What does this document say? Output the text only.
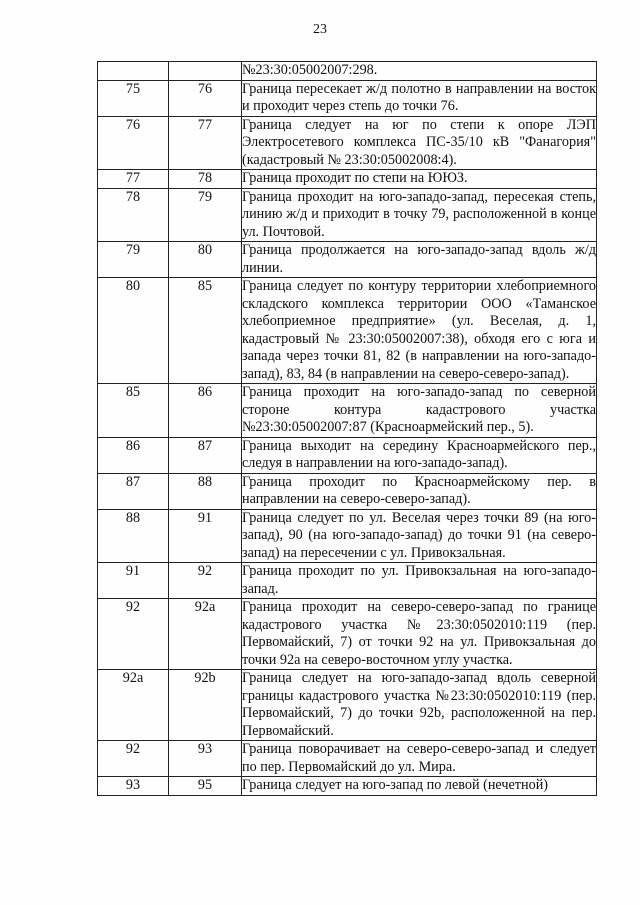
23
		№23:30:05002007:298.
75	76	Граница пересекает ж/д полотно в направлении на восток и проходит через степь до точки 76.
76	77	Граница следует на юг по степи к опоре ЛЭП Электросетевого комплекса ПС-35/10 кВ "Фанагория" (кадастровый № 23:30:05002008:4).
77	78	Граница проходит по степи на ЮЮЗ.
78	79	Граница проходит на юго-западо-запад, пересекая степь, линию ж/д и приходит в точку 79, расположенной в конце ул. Почтовой.
79	80	Граница продолжается на юго-западо-запад вдоль ж/д линии.
80	85	Граница следует по контуру территории хлебоприемного складского комплекса территории ООО «Таманское хлебоприемное предприятие» (ул. Веселая, д. 1, кадастровый № 23:30:05002007:38), обходя его с юга и запада через точки 81, 82 (в направлении на юго-западо-запад), 83, 84 (в направлении на северо-северо-запад).
85	86	Граница проходит на юго-западо-запад по северной стороне контура кадастрового участка №23:30:05002007:87 (Красноармейский пер., 5).
86	87	Граница выходит на середину Красноармейского пер., следуя в направлении на юго-западо-запад).
87	88	Граница проходит по Красноармейскому пер. в направлении на северо-северо-запад).
88	91	Граница следует по ул. Веселая через точки 89 (на юго-запад), 90 (на юго-западо-запад) до точки 91 (на северо-запад) на пересечении с ул. Привокзальная.
91	92	Граница проходит по ул. Привокзальная на юго-западо-запад.
92	92a	Граница проходит на северо-северо-запад по границе кадастрового участка №23:30:0502010:119 (пер. Первомайский, 7) от точки 92 на ул. Привокзальная до точки 92а на северо-восточном углу участка.
92a	92b	Граница следует на юго-западо-запад вдоль северной границы кадастрового участка №23:30:0502010:119 (пер. Первомайский, 7) до точки 92b, расположенной на пер. Первомайский.
92	93	Граница поворачивает на северо-северо-запад и следует по пер. Первомайский до ул. Мира.
93	95	Граница следует на юго-запад по левой (нечетной)
